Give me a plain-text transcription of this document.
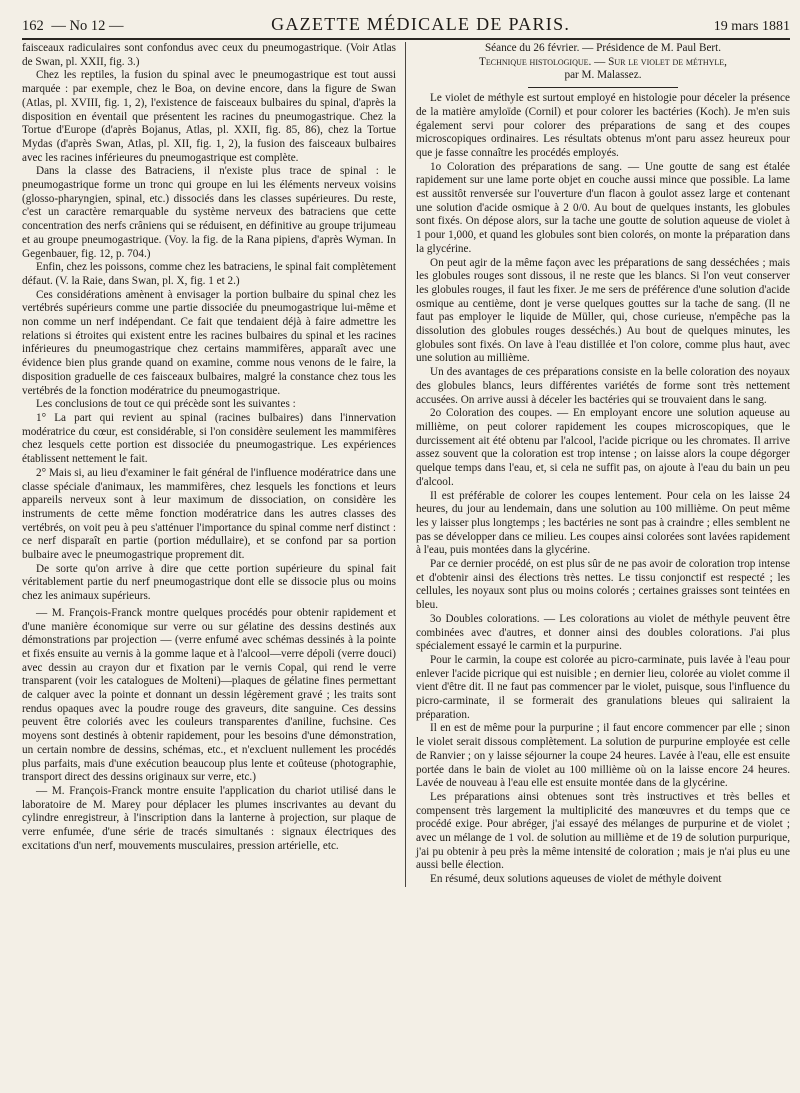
162 — No 12 —	GAZETTE MÉDICALE DE PARIS.	19 mars 1881

faisceaux radiculaires sont confondus avec ceux du pneumogastrique. (Voir Atlas de Swan, pl. XXII, fig. 3.)

Chez les reptiles, la fusion du spinal avec le pneumogastrique est tout aussi marquée : par exemple, chez le Boa, on devine encore, dans la figure de Swan (Atlas, pl. XVIII, fig. 1, 2), l'existence de faisceaux bulbaires du spinal, d'après la disposition en éventail que présentent les racines du pneumogastrique. Chez la Tortue d'Europe (d'après Bojanus, Atlas, pl. XXII, fig. 85, 86), chez la Tortue Mydas (d'après Swan, Atlas, pl. XII, fig. 1, 2), la fusion des faisceaux bulbaires avec les racines inférieures du pneumogastrique est complète.

Dans la classe des Batraciens, il n'existe plus trace de spinal : le pneumogastrique forme un tronc qui groupe en lui les éléments nerveux voisins (glosso-pharyngien, spinal, etc.) dissociés dans les classes supérieures. Du reste, c'est un caractère remarquable du système nerveux des batraciens que cette concentration des nerfs crâniens qui se réduisent, en définitive au groupe trijumeau et au groupe pneumogastrique. (Voy. la fig. de la Rana pipiens, d'après Wyman. In Gegenbauer, fig. 12, p. 704.)

Enfin, chez les poissons, comme chez les batraciens, le spinal fait complètement défaut. (V. la Raie, dans Swan, pl. X, fig. 1 et 2.)

Ces considérations amènent à envisager la portion bulbaire du spinal chez les vertébrés supérieurs comme une partie dissociée du pneumogastrique lui-même et non comme un nerf indépendant. Ce fait que tendaient déjà à faire admettre les relations si étroites qui existent entre les racines bulbaires du spinal et les racines inférieures du pneumogastrique chez certains mammifères, apparaît avec une évidence bien plus grande quand on examine, comme nous venons de le faire, la disposition graduelle de ces faisceaux bulbaires, malgré la constance chez tous les vertébrés de la fonction modératrice du pneumogastrique.

Les conclusions de tout ce qui précède sont les suivantes :

1° La part qui revient au spinal (racines bulbaires) dans l'innervation modératrice du cœur, est considérable, si l'on considère seulement les mammifères chez lesquels cette portion est dissociée du pneumogastrique. Les expériences établissent nettement le fait.

2° Mais si, au lieu d'examiner le fait général de l'influence modératrice dans une classe spéciale d'animaux, les mammifères, chez lesquels les fonctions et leurs appareils nerveux sont à leur maximum de dissociation, on considère les instruments de cette même fonction modératrice dans les autres classes des vertébrés, on voit peu à peu s'atténuer l'importance du spinal comme nerf distinct : ce nerf disparaît en partie (portion médullaire), et se confond par sa portion bulbaire avec le pneumogastrique proprement dit.

De sorte qu'on arrive à dire que cette portion supérieure du spinal fait véritablement partie du nerf pneumogastrique dont elle se dissocie plus ou moins chez les animaux supérieurs.

— M. François-Franck montre quelques procédés pour obtenir rapidement et d'une manière économique sur verre ou sur gélatine des dessins destinés aux démonstrations par projection — (verre enfumé avec schémas dessinés à la pointe et fixés ensuite au vernis à la gomme laque et à l'alcool—verre dépoli (verre douci) avec dessin au crayon dur et fixation par le vernis Copal, qui rend le verre transparent (voir les catalogues de Molteni)—plaques de gélatine fines permettant de calquer avec la pointe et donnant un dessin légèrement gravé ; les traits sont rendus opaques avec la poudre rouge des graveurs, dite sanguine. Ces dessins peuvent être coloriés avec les couleurs transparentes d'aniline, fuchsine. Ces moyens sont destinés à obtenir rapidement, pour les besoins d'une démonstration, un certain nombre de dessins, schémas, etc., et n'excluent nullement les procédés plus parfaits, mais d'une exécution beaucoup plus lente et coûteuse (photographie, transport direct des dessins originaux sur verre, etc.)

— M. François-Franck montre ensuite l'application du chariot utilisé dans le laboratoire de M. Marey pour déplacer les plumes inscrivantes au devant du cylindre enregistreur, à l'inscription dans la lanterne à projection, sur plaque de verre enfumée, d'une série de tracés simultanés : signaux électriques des excitations d'un nerf, mouvements musculaires, pression artérielle, etc.

Séance du 26 février. — Présidence de M. Paul Bert.

Technique histologique. — Sur le violet de méthyle,

par M. Malassez.

Le violet de méthyle est surtout employé en histologie pour déceler la présence de la matière amyloïde (Cornil) et pour colorer les bactéries (Koch). Je m'en suis également servi pour colorer des préparations de sang et des coupes microscopiques ordinaires. Les résultats obtenus m'ont paru assez heureux pour que je fasse connaître les procédés employés.

1o Coloration des préparations de sang. — Une goutte de sang est étalée rapidement sur une lame porte objet en couche aussi mince que possible. La lame est aussitôt renversée sur l'ouverture d'un flacon à goulot assez large et contenant une solution d'acide osmique à 2 0/0. Au bout de quelques instants, les globules sont fixés. On dépose alors, sur la tache une goutte de solution aqueuse de violet à 1 pour 1,000, et quand les globules sont bien colorés, on monte la préparation dans la glycérine.

On peut agir de la même façon avec les préparations de sang desséchées ; mais les globules rouges sont dissous, il ne reste que les blancs. Si l'on veut conserver les globules rouges, il faut les fixer. Je me sers de préférence d'une solution d'acide osmique au centième, dont je verse quelques gouttes sur la tache de sang. (Il ne faut pas employer le liquide de Müller, qui, chose curieuse, n'empêche pas la dissolution des globules rouges desséchés.) Au bout de quelques minutes, les globules sont fixés. On lave à l'eau distillée et l'on colore, comme plus haut, avec une solution au millième.

Un des avantages de ces préparations consiste en la belle coloration des noyaux des globules blancs, leurs différentes variétés de forme sont très nettement accusées. On arrive aussi à déceler les bactéries qui se trouvaient dans le sang.

2o Coloration des coupes. — En employant encore une solution aqueuse au millième, on peut colorer rapidement les coupes microscopiques, que le durcissement ait été obtenu par l'alcool, l'acide picrique ou les chromates. Il arrive assez souvent que la coloration est trop intense ; on laisse alors la coupe dégorger quelque temps dans l'eau, et, si cela ne suffit pas, on ajoute à l'eau du bain un peu d'alcool.

Il est préférable de colorer les coupes lentement. Pour cela on les laisse 24 heures, du jour au lendemain, dans une solution au 100 millième. On peut même les y laisser plus longtemps ; les bactéries ne sont pas à craindre ; elles semblent ne pas se développer dans ce milieu. Les coupes ainsi colorées sont lavées rapidement à l'eau, puis montées dans la glycérine.

Par ce dernier procédé, on est plus sûr de ne pas avoir de coloration trop intense et d'obtenir ainsi des élections très nettes. Le tissu conjonctif est respecté ; les cellules, les noyaux sont plus ou moins colorés ; certaines graisses sont teintées en bleu.

3o Doubles colorations. — Les colorations au violet de méthyle peuvent être combinées avec d'autres, et donner ainsi des doubles colorations. J'ai plus spécialement essayé le carmin et la purpurine.

Pour le carmin, la coupe est colorée au picro-carminate, puis lavée à l'eau pour enlever l'acide picrique qui est nuisible ; en dernier lieu, colorée au violet comme il vient d'être dit. Il ne faut pas commencer par le violet, puisque, sous l'influence du picro-carminate, il se formerait des granulations bleues qui saliraient la préparation.

Il en est de même pour la purpurine ; il faut encore commencer par elle ; sinon le violet serait dissous complètement. La solution de purpurine employée est celle de Ranvier ; on y laisse séjourner la coupe 24 heures. Lavée à l'eau, elle est ensuite portée dans le bain de violet au 100 millième où on la laisse encore 24 heures. Lavée de nouveau à l'eau elle est ensuite montée dans de la glycérine.

Les préparations ainsi obtenues sont très instructives et très belles et compensent très largement la multiplicité des manœuvres et du temps que ce procédé exige. Pour abréger, j'ai essayé des mélanges de purpurine et de violet ; avec un mélange de 1 vol. de solution au millième et de 19 de solution purpurique, j'ai pu obtenir à peu près la même intensité de coloration ; mais je n'ai plus eu une aussi belle élection.

En résumé, deux solutions aqueuses de violet de méthyle doivent
